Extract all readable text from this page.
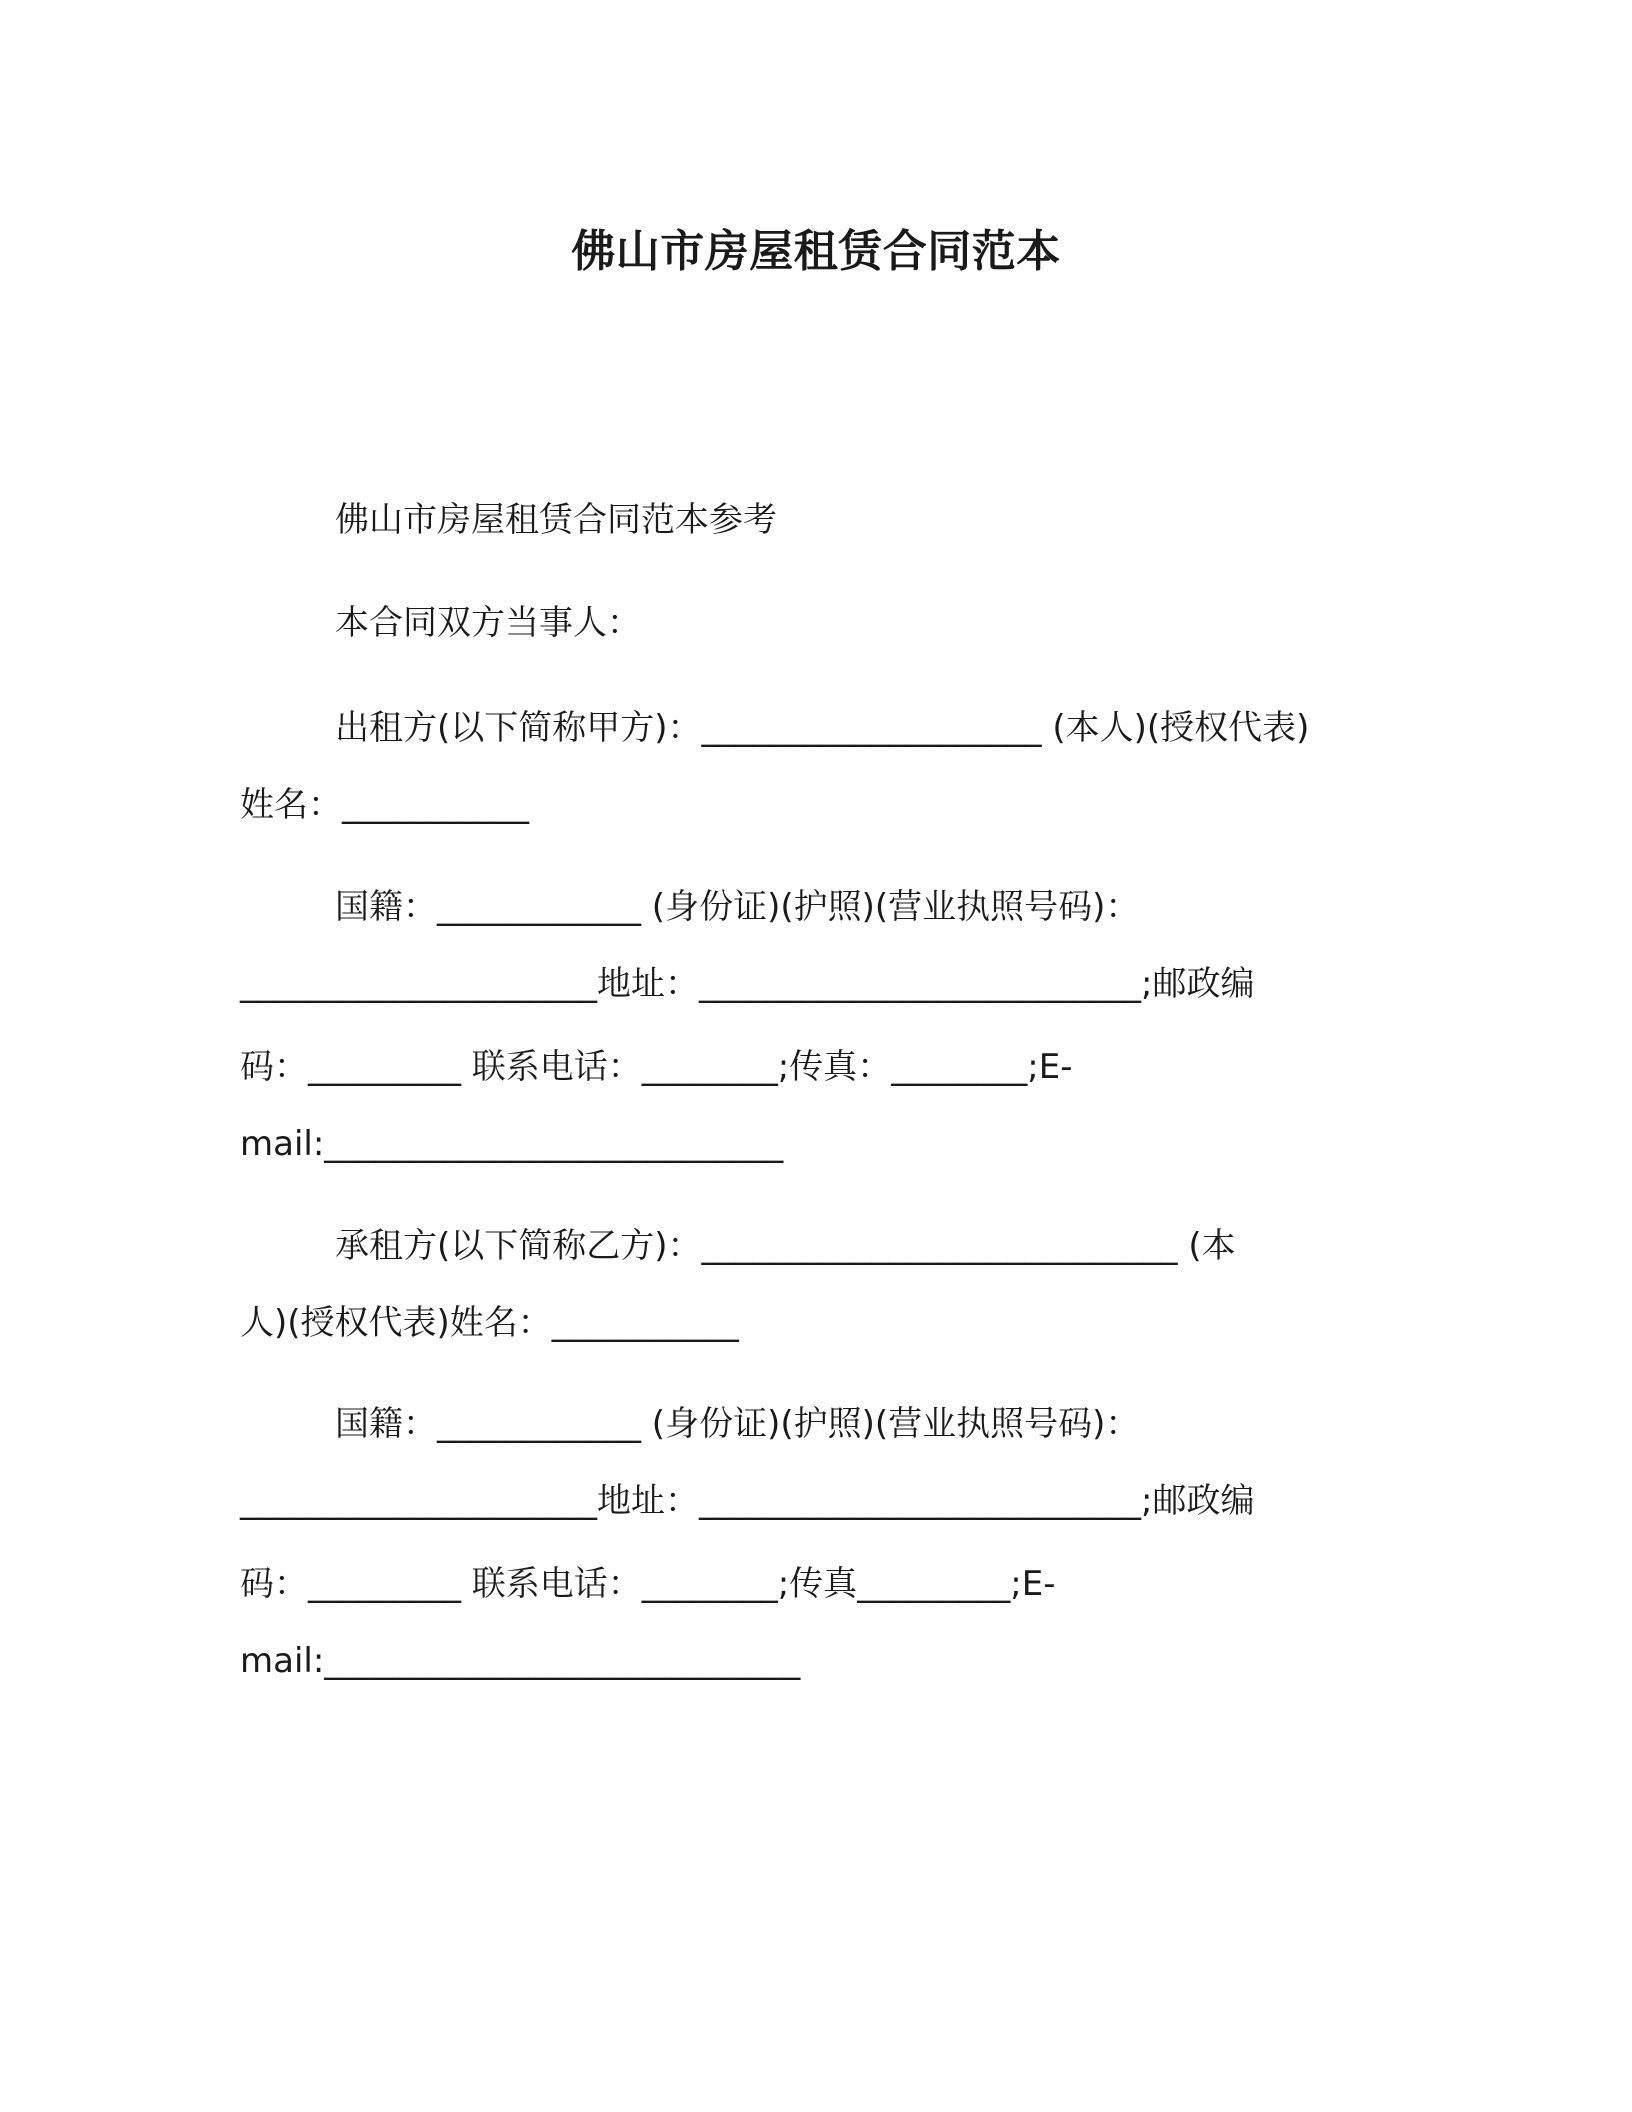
佛山市房屋租赁合同范本
佛山市房屋租赁合同范本参考
本合同双方当事人：
出租方(以下简称甲方)：____________________ (本人)(授权代表)
姓名：___________
国籍：____________ (身份证)(护照)(营业执照号码)：
_____________________地址：__________________________;邮政编
码：_________ 联系电话：________;传真：________;E-
mail:___________________________
承租方(以下简称乙方)：____________________________ (本
人)(授权代表)姓名：___________
国籍：____________ (身份证)(护照)(营业执照号码)：
_____________________地址：__________________________;邮政编
码：_________ 联系电话：________;传真_________;E-
mail:____________________________
